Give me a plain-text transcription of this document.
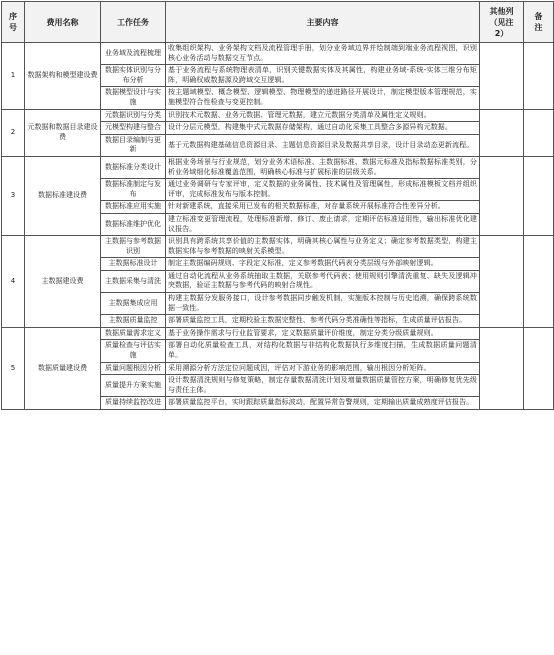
序
号	费用名称	工作任务	主要内容	其他列
（见注
2）	备
注

1	数据架构和模型建设费	业务域及流程梳理	收集组织架构、业务架构文档及流程管理手册，划分业务域边界并绘制端到端业务流程视图，识别核心业务活动与数据交互节点。		
		数据实体识别与分布分析	基于业务流程与系统物理表清单，识别关键数据实体及其属性，构建业务域-系统-实体三维分布矩阵，明确权威数据源及跨域交互逻辑。		
		数据模型设计与实施	按主题域模型、概念模型、逻辑模型、物理模型的递进路径开展设计，制定模型版本管理规范，实施模型符合性检查与变更控制。		
2	元数据和数据目录建设费	元数据识别与分类	识别技术元数据、业务元数据、管理元数据，建立元数据分类清单及属性定义规则。		
		元模型构建与整合	设计分层元模型，构建集中式元数据存储架构，通过自动化采集工具整合多源异构元数据。		
		数据目录编制与更新	基于元数据构建基础信息资源目录、主题信息资源目录及数据共享目录，设计目录动态更新流程。		
3	数据标准建设费	数据标准分类设计	根据业务场景与行业规范，划分业务术语标准、主数据标准、数据元标准及指标数据标准类别，分析业务域细化标准覆盖范围，明确核心标准与扩展标准的层级关系。		
		数据标准制定与发布	通过业务调研与专家评审，定义数据的业务属性、技术属性及管理属性，形成标准模板文档并组织评审，完成标准发布与版本控制。		
		数据标准应用实施	针对新建系统，直接采用已发布的相关数据标准，对存量系统开展标准符合性差异分析。		
		数据标准维护优化	建立标准变更管理流程，处理标准新增、修订、废止请求，定期评估标准适用性，输出标准优化建议报告。		
4	主数据建设费	主数据与参考数据识别	识别具有跨系统共享价值的主数据实体，明确其核心属性与业务定义；确定参考数据类型，构建主数据实体与参考数据的映射关系模型。		
		主数据标准设计	制定主数据编码规则、字段定义标准，定义参考数据代码表分类层级与外部映射逻辑。		
		主数据采集与清洗	通过自动化流程从业务系统抽取主数据，关联参考代码表；使用规则引擎清洗重复、缺失及逻辑冲突数据，验证主数据与参考代码的映射合规性。		
		主数据集成应用	构建主数据分发服务接口，设计参考数据同步触发机制，实施版本控制与历史追溯，确保跨系统数据一致性。		
		主数据质量监控	部署质量监控工具，定期校验主数据完整性、参考代码分类准确性等指标，生成质量评估报告。		
5	数据质量建设费	数据质量需求定义	基于业务操作需求与行业监管要求，定义数据质量评价维度，制定分类分级质量规则。		
		质量检查与评估实施	部署自动化质量检查工具，对结构化数据与非结构化数据执行多维度扫描，生成数据质量问题清单。		
		质量问题根因分析	采用溯源分析方法定位问题成因，评估对下游业务的影响范围，输出根因分析矩阵。		
		质量提升方案实施	设计数据清洗规则与修复策略，制定存量数据清洗计划及增量数据质量管控方案，明确修复优先级与责任主体。		
		质量持续监控改进	部署质量监控平台，实时跟踪质量指标波动，配置异常告警规则，定期输出质量成熟度评估报告。		
